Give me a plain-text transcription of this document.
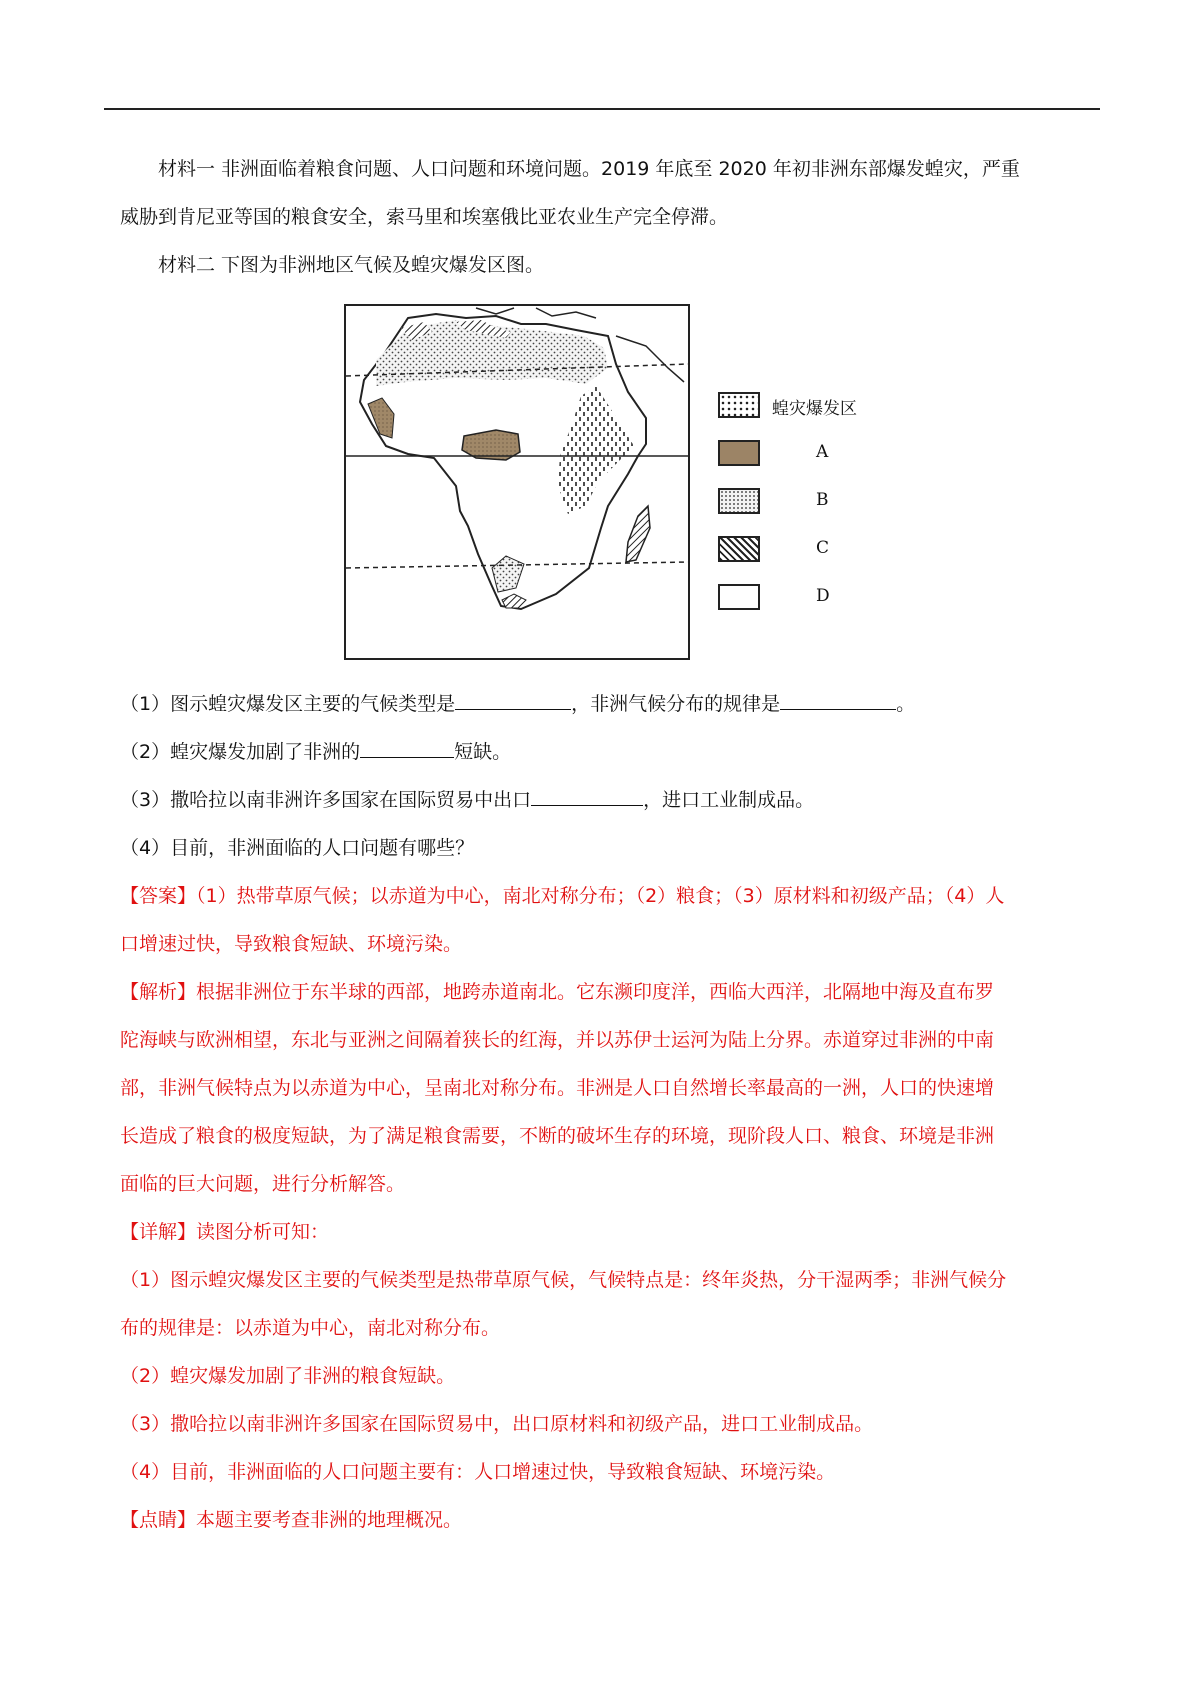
材料一 非洲面临着粮食问题、人口问题和环境问题。2019 年底至 2020 年初非洲东部爆发蝗灾，严重

威胁到肯尼亚等国的粮食安全，索马里和埃塞俄比亚农业生产完全停滞。

材料二 下图为非洲地区气候及蝗灾爆发区图。

蝗灾爆发区
A
B
C
D

（1）图示蝗灾爆发区主要的气候类型是	，非洲气候分布的规律是	。

（2）蝗灾爆发加剧了非洲的	短缺。

（3）撒哈拉以南非洲许多国家在国际贸易中出口	，进口工业制成品。

（4）目前，非洲面临的人口问题有哪些？

【答案】（1）热带草原气候；以赤道为中心，南北对称分布；（2）粮食；（3）原材料和初级产品；（4）人

口增速过快，导致粮食短缺、环境污染。

【解析】根据非洲位于东半球的西部，地跨赤道南北。它东濒印度洋，西临大西洋，北隔地中海及直布罗

陀海峡与欧洲相望，东北与亚洲之间隔着狭长的红海，并以苏伊士运河为陆上分界。赤道穿过非洲的中南

部，非洲气候特点为以赤道为中心，呈南北对称分布。非洲是人口自然增长率最高的一洲，人口的快速增

长造成了粮食的极度短缺，为了满足粮食需要，不断的破坏生存的环境，现阶段人口、粮食、环境是非洲

面临的巨大问题，进行分析解答。

【详解】读图分析可知：

（1）图示蝗灾爆发区主要的气候类型是热带草原气候，气候特点是：终年炎热，分干湿两季；非洲气候分

布的规律是：以赤道为中心，南北对称分布。

（2）蝗灾爆发加剧了非洲的粮食短缺。

（3）撒哈拉以南非洲许多国家在国际贸易中，出口原材料和初级产品，进口工业制成品。

（4）目前，非洲面临的人口问题主要有：人口增速过快，导致粮食短缺、环境污染。

【点睛】本题主要考查非洲的地理概况。
